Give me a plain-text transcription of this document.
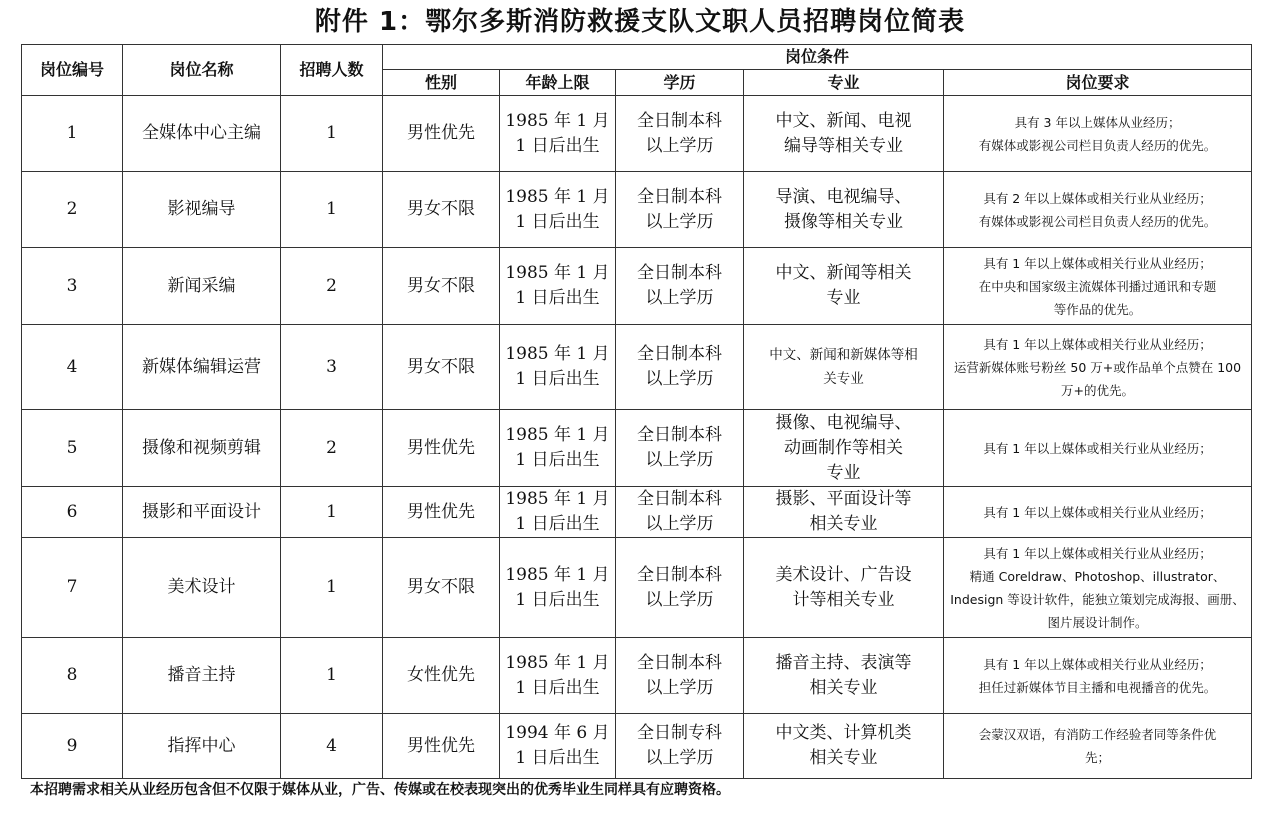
附件 1：鄂尔多斯消防救援支队文职人员招聘岗位简表
岗位编号	岗位名称	招聘人数	岗位条件				
			性别	年龄上限	学历	专业	岗位要求
1	全媒体中心主编	1	男性优先	1985 年 1 月
1 日后出生	全日制本科
以上学历	中文、新闻、电视
编导等相关专业	具有 3 年以上媒体从业经历；
有媒体或影视公司栏目负责人经历的优先。

2	影视编导	1	男女不限	1985 年 1 月
1 日后出生	全日制本科
以上学历	导演、电视编导、
摄像等相关专业	具有 2 年以上媒体或相关行业从业经历；
有媒体或影视公司栏目负责人经历的优先。

3	新闻采编	2	男女不限	1985 年 1 月
1 日后出生	全日制本科
以上学历	中文、新闻等相关
专业	具有 1 年以上媒体或相关行业从业经历；
在中央和国家级主流媒体刊播过通讯和专题
等作品的优先。

4	新媒体编辑运营	3	男女不限	1985 年 1 月
1 日后出生	全日制本科
以上学历	中文、新闻和新媒体等相
关专业	具有 1 年以上媒体或相关行业从业经历；
运营新媒体账号粉丝 50 万+或作品单个点赞在 100
万+的优先。

5	摄像和视频剪辑	2	男性优先	1985 年 1 月
1 日后出生	全日制本科
以上学历	摄像、电视编导、
动画制作等相关
专业	具有 1 年以上媒体或相关行业从业经历；

6	摄影和平面设计	1	男性优先	1985 年 1 月
1 日后出生	全日制本科
以上学历	摄影、平面设计等
相关专业	具有 1 年以上媒体或相关行业从业经历；

7	美术设计	1	男女不限	1985 年 1 月
1 日后出生	全日制本科
以上学历	美术设计、广告设
计等相关专业	具有 1 年以上媒体或相关行业从业经历；
精通 Coreldraw、Photoshop、illustrator、
Indesign 等设计软件，能独立策划完成海报、画册、
图片展设计制作。

8	播音主持	1	女性优先	1985 年 1 月
1 日后出生	全日制本科
以上学历	播音主持、表演等
相关专业	具有 1 年以上媒体或相关行业从业经历；
担任过新媒体节目主播和电视播音的优先。

9	指挥中心	4	男性优先	1994 年 6 月
1 日后出生	全日制专科
以上学历	中文类、计算机类
相关专业	会蒙汉双语，有消防工作经验者同等条件优
先；
本招聘需求相关从业经历包含但不仅限于媒体从业，广告、传媒或在校表现突出的优秀毕业生同样具有应聘资格。
